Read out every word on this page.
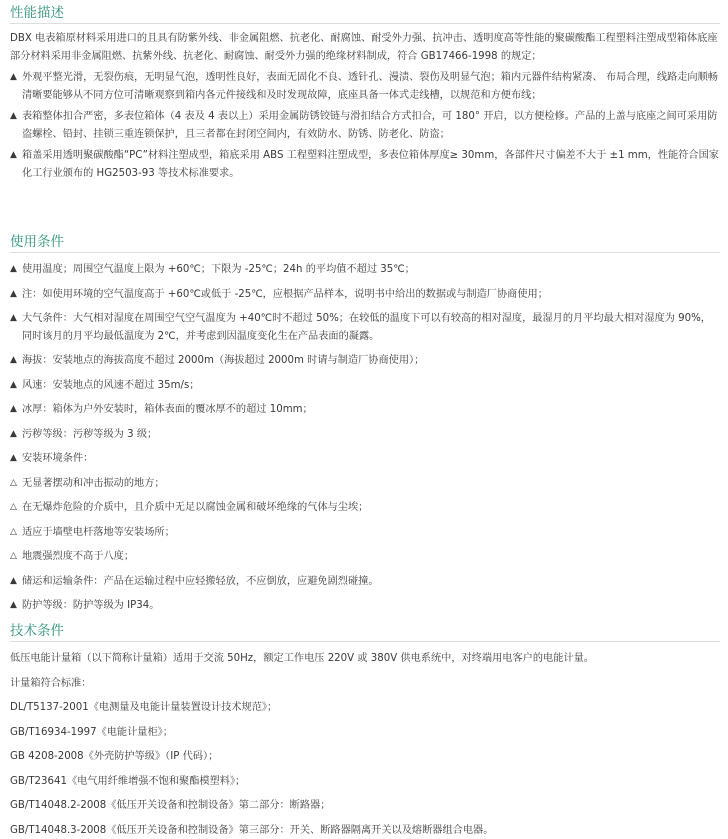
性能描述

DBX 电表箱原材料采用进口的且具有防紫外线、非金属阻燃、抗老化、耐腐蚀、耐受外力强、抗冲击、透明度高等性能的聚碳酸酯工程塑料注塑成型箱体底座部分材料采用非金属阻燃、抗紫外线、抗老化、耐腐蚀、耐受外力强的绝缘材料制成，符合 GB17466-1998 的规定；

▲ 外观平整光滑，无裂伤痕，无明显气泡，透明性良好，表面无固化不良、透针孔、漫渍、裂伤及明显气泡；箱内元器件结构紧凑、 布局合理，线路走向顺畅清晰要能够从不同方位可清晰观察到箱内各元件接线和及时发现故障，底座具备一体式走线槽，以规范和方便布线；
▲ 表箱整体扣合严密，多表位箱体（4 表及 4 表以上）采用金属防锈铰链与滑扣结合方式扣合，可 180° 开启，以方便检修。产品的上盖与底座之间可采用防盗螺栓、铅封、挂锁三重连锁保护，且三者都在封闭空间内，有效防水、防锈、防老化、防盗；
▲ 箱盖采用透明聚碳酸酯“PC”材料注塑成型，箱底采用 ABS 工程塑料注塑成型，多表位箱体厚度≥ 30mm，各部件尺寸偏差不大于 ±1 mm，性能符合国家化工行业颁布的 HG2503-93 等技术标准要求。
使用条件
▲ 使用温度；周围空气温度上限为 +60℃；下限为 -25℃；24h 的平均值不超过 35℃；
▲ 注：如使用环境的空气温度高于 +60℃或低于 -25℃，应根据产品样本，说明书中给出的数据或与制造厂协商使用；
▲ 大气条件：大气相对湿度在周围空气空气温度为 +40℃时不超过 50%；在较低的温度下可以有较高的相对湿度，最湿月的月平均最大相对湿度为 90%，同时该月的月平均最低温度为 2℃，并考虑到因温度变化生在产品表面的凝露。
▲ 海拔：安装地点的海拔高度不超过 2000m（海拔超过 2000m 时请与制造厂协商使用）；
▲ 风速：安装地点的风速不超过 35m/s；
▲ 冰厚：箱体为户外安装时，箱体表面的覆冰厚不的超过 10mm；
▲ 污秽等级：污秽等级为 3 级；
▲ 安装环境条件：
△ 无显著摆动和冲击振动的地方；
△ 在无爆炸危险的介质中，且介质中无足以腐蚀金属和破坏绝缘的气体与尘埃；
△ 适应于墙壁电杆落地等安装场所；
△ 地震强烈度不高于八度；
▲ 储运和运输条件：产品在运输过程中应轻搬轻放，不应倒放，应避免剧烈碰撞。
▲ 防护等级：防护等级为 IP34。
技术条件

低压电能计量箱（以下简称计量箱）适用于交流 50Hz，额定工作电压 220V 或 380V 供电系统中，对终端用电客户的电能计量。

计量箱符合标准：

DL/T5137-2001《电测量及电能计量装置设计技术规范》；

GB/T16934-1997《电能计量柜》；

GB 4208-2008《外壳防护等级》（IP 代码）；

GB/T23641《电气用纤维增强不饱和聚酯模塑料》；

GB/T14048.2-2008《低压开关设备和控制设备》第二部分：断路器；

GB/T14048.3-2008《低压开关设备和控制设备》第三部分：开关、断路器隔离开关以及熔断器组合电器。
